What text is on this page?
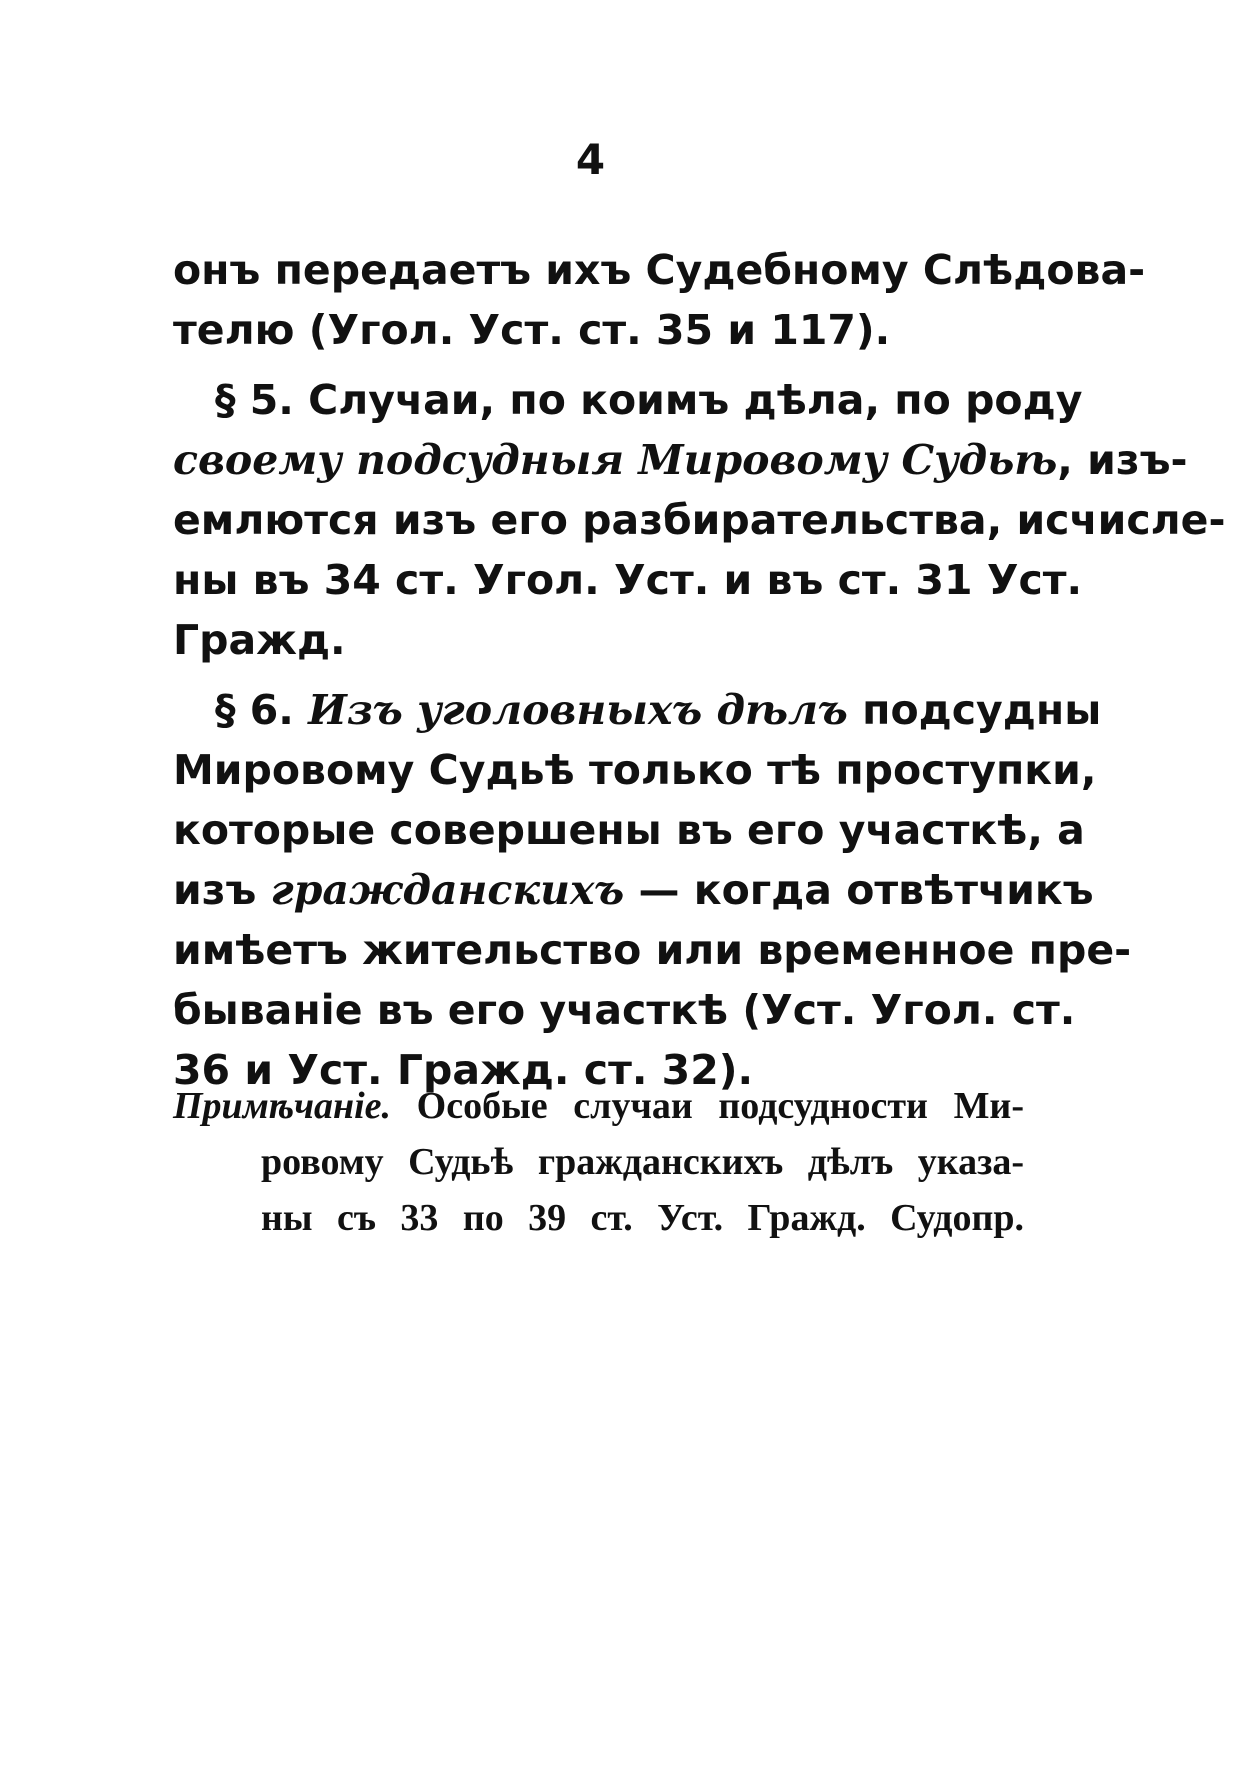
4
онъ передаетъ ихъ Судебному Слѣдова-
телю (Угол. Уст. ст. 35 и 117).
§ 5. Случаи, по коимъ дѣла, по роду
своему подсудныя Мировому Судьѣ, изъ-
емлются изъ его разбирательства, исчисле-
ны въ 34 ст. Угол. Уст. и въ ст. 31 Уст.
Гражд.
§ 6. Изъ уголовныхъ дѣлъ подсудны
Мировому Судьѣ только тѣ проступки,
которые совершены въ его участкѣ, а
изъ гражданскихъ — когда отвѣтчикъ
имѣетъ жительство или временное пре-
бываніе въ его участкѣ (Уст. Угол. ст.
36 и Уст. Гражд. ст. 32).
Примѣчаніе. Особые случаи подсудности Ми-
ровому Судьѣ гражданскихъ дѣлъ указа-
ны съ 33 по 39 ст. Уст. Гражд. Судопр.
